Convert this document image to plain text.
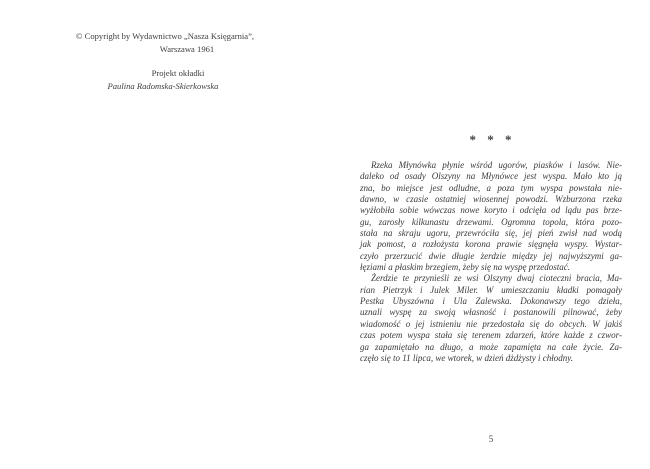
© Copyright by Wydawnictwo „Nasza Księgarnia”,
Warszawa 1961
Projekt okładki
Paulina Radomska-Skierkowska
* * *
Rzeka Młynówka płynie wśród ugorów, piasków i lasów. Nie-
daleko od osady Olszyny na Młynówce jest wyspa. Mało kto ją
zna, bo miejsce jest odludne, a poza tym wyspa powstała nie-
dawno, w czasie ostatniej wiosennej powodzi. Wzburzona rzeka
wyżłobiła sobie wówczas nowe koryto i odcięła od lądu pas brze-
gu, zarosły kilkunastu drzewami. Ogromna topola, która pozo-
stała na skraju ugoru, przewróciła się, jej pień zwisł nad wodą
jak pomost, a rozłożysta korona prawie sięgnęła wyspy. Wystar-
czyło przerzucić dwie długie żerdzie między jej najwyższymi ga-
łęziami a płaskim brzegiem, żeby się na wyspę przedostać.
Żerdzie te przynieśli ze wsi Olszyny dwaj cioteczni bracia, Ma-
rian Pietrzyk i Julek Miler. W umieszczaniu kładki pomagały
Pestka Ubyszówna i Ula Zalewska. Dokonawszy tego dzieła,
uznali wyspę za swoją własność i postanowili pilnować, żeby
wiadomość o jej istnieniu nie przedostała się do obcych. W jakiś
czas potem wyspa stała się terenem zdarzeń, które każde z czwor-
ga zapamiętało na długo, a może zapamięta na całe życie. Za-
częło się to 11 lipca, we wtorek, w dzień dżdżysty i chłodny.
5
